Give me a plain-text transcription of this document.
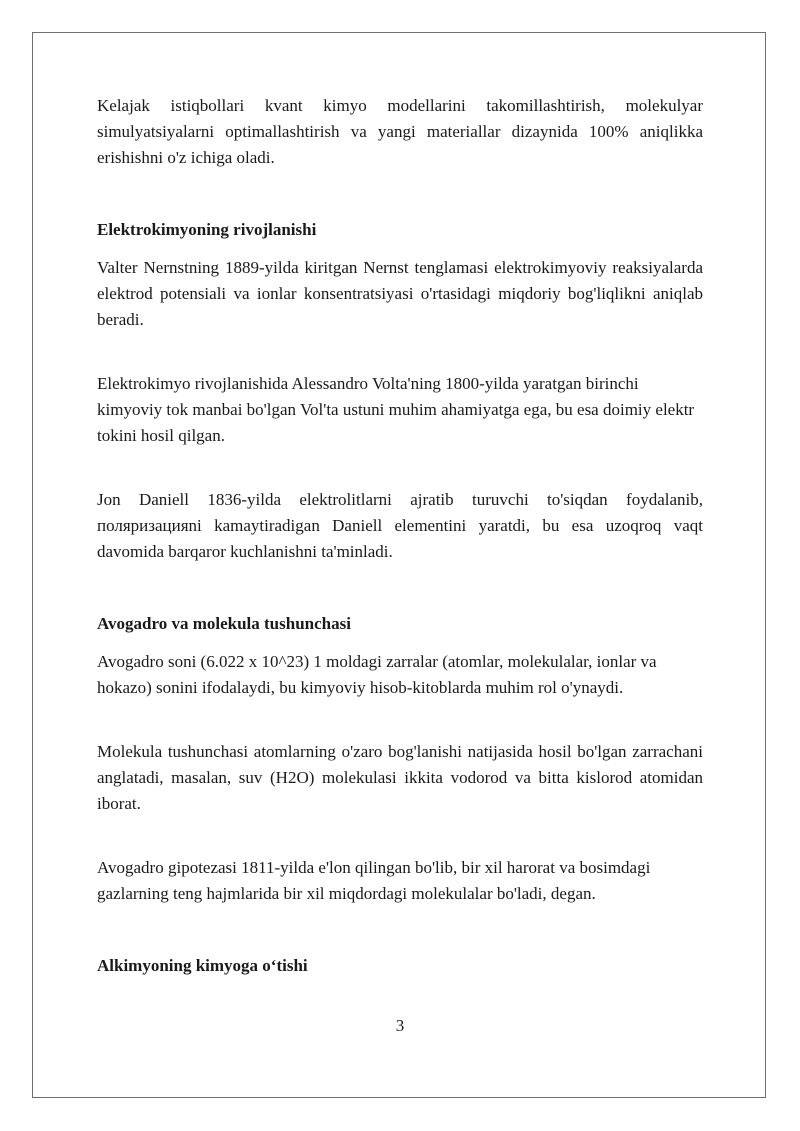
Kelajak istiqbollari kvant kimyo modellarini takomillashtirish, molekulyar simulyatsiyalarni optimallashtirish va yangi materiallar dizaynida 100% aniqlikka erishishni o'z ichiga oladi.

Elektrokimyoning rivojlanishi

Valter Nernstning 1889-yilda kiritgan Nernst tenglamasi elektrokimyoviy reaksiyalarda elektrod potensiali va ionlar konsentratsiyasi o'rtasidagi miqdoriy bog'liqlikni aniqlab beradi.

Elektrokimyo rivojlanishida Alessandro Volta'ning 1800-yilda yaratgan birinchi kimyoviy tok manbai bo'lgan Vol'ta ustuni muhim ahamiyatga ega, bu esa doimiy elektr tokini hosil qilgan.

Jon Daniell 1836-yilda elektrolitlarni ajratib turuvchi to'siqdan foydalanib, поляризацияni kamaytiradigan Daniell elementini yaratdi, bu esa uzoqroq vaqt davomida barqaror kuchlanishni ta'minladi.

Avogadro va molekula tushunchasi

Avogadro soni (6.022 x 10^23) 1 moldagi zarralar (atomlar, molekulalar, ionlar va hokazo) sonini ifodalaydi, bu kimyoviy hisob-kitoblarda muhim rol o'ynaydi.

Molekula tushunchasi atomlarning o'zaro bog'lanishi natijasida hosil bo'lgan zarrachani anglatadi, masalan, suv (H2O) molekulasi ikkita vodorod va bitta kislorod atomidan iborat.

Avogadro gipotezasi 1811-yilda e'lon qilingan bo'lib, bir xil harorat va bosimdagi gazlarning teng hajmlarida bir xil miqdordagi molekulalar bo'ladi, degan.

Alkimyoning kimyoga o‘tishi
3
